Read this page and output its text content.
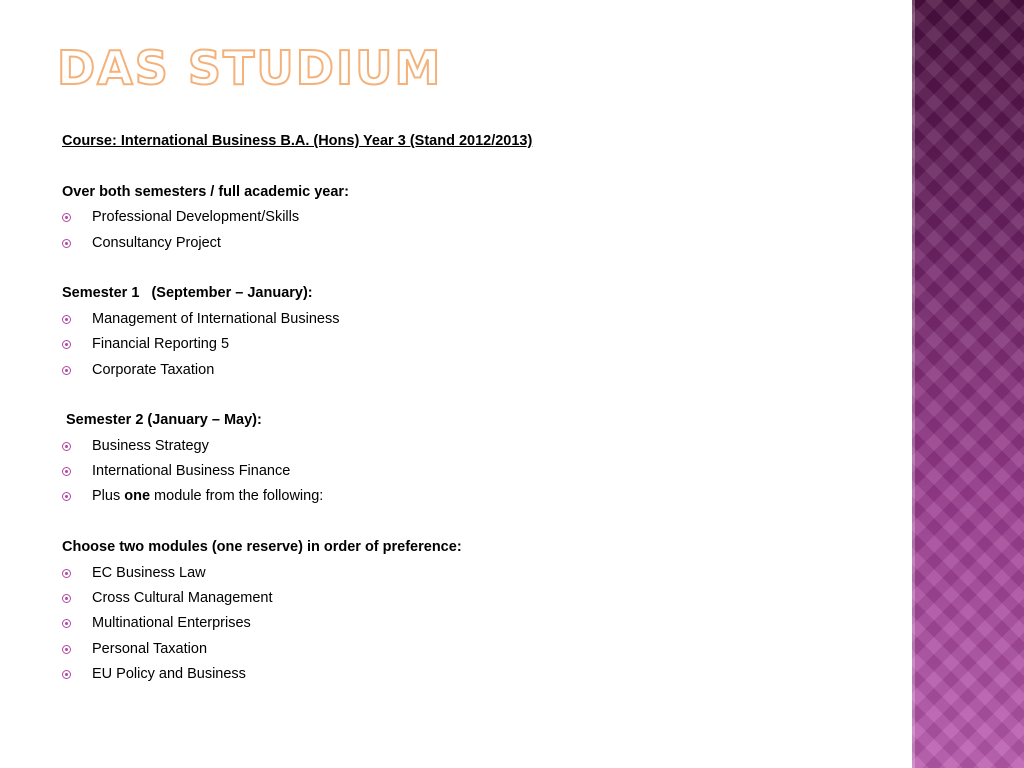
DAS STUDIUM
Course: International Business B.A. (Hons) Year 3 (Stand 2012/2013)
Over both semesters / full academic year:
Professional Development/Skills
Consultancy Project
Semester 1   (September – January):
Management of International Business
Financial Reporting 5
Corporate Taxation
Semester 2 (January – May):
Business Strategy
International Business Finance
Plus one module from the following:
Choose two modules (one reserve) in order of preference:
EC Business Law
Cross Cultural Management
Multinational Enterprises
Personal Taxation
EU Policy and Business
